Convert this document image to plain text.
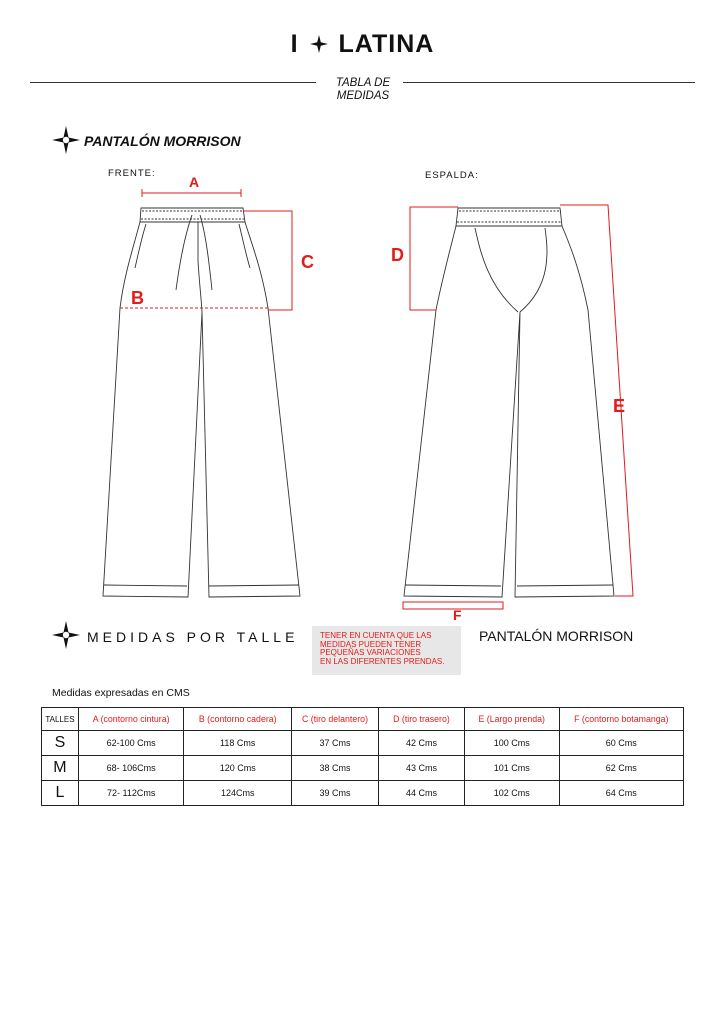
I LATINA
TABLA DE
MEDIDAS
PANTALÓN MORRISON
FRENTE:	ESPALDA:
A
B
C	D
E
F
MEDIDAS POR TALLE	TENER EN CUENTA QUE LAS
MEDIDAS PUEDEN TENER
PEQUEÑAS VARIACIONES
EN LAS DIFERENTES PRENDAS.
PANTALÓN MORRISON
Medidas expresadas en CMS
TALLES	A (contorno cintura)	B (contorno cadera)	C (tiro delantero)	D (tiro trasero)	E (Largo prenda)	F (contorno botamanga)
S	62-100 Cms	118 Cms	37 Cms	42 Cms	100 Cms	60 Cms
M	68- 106Cms	120 Cms	38 Cms	43 Cms	101 Cms	62 Cms
L	72- 112Cms	124Cms	39 Cms	44 Cms	102 Cms	64 Cms
